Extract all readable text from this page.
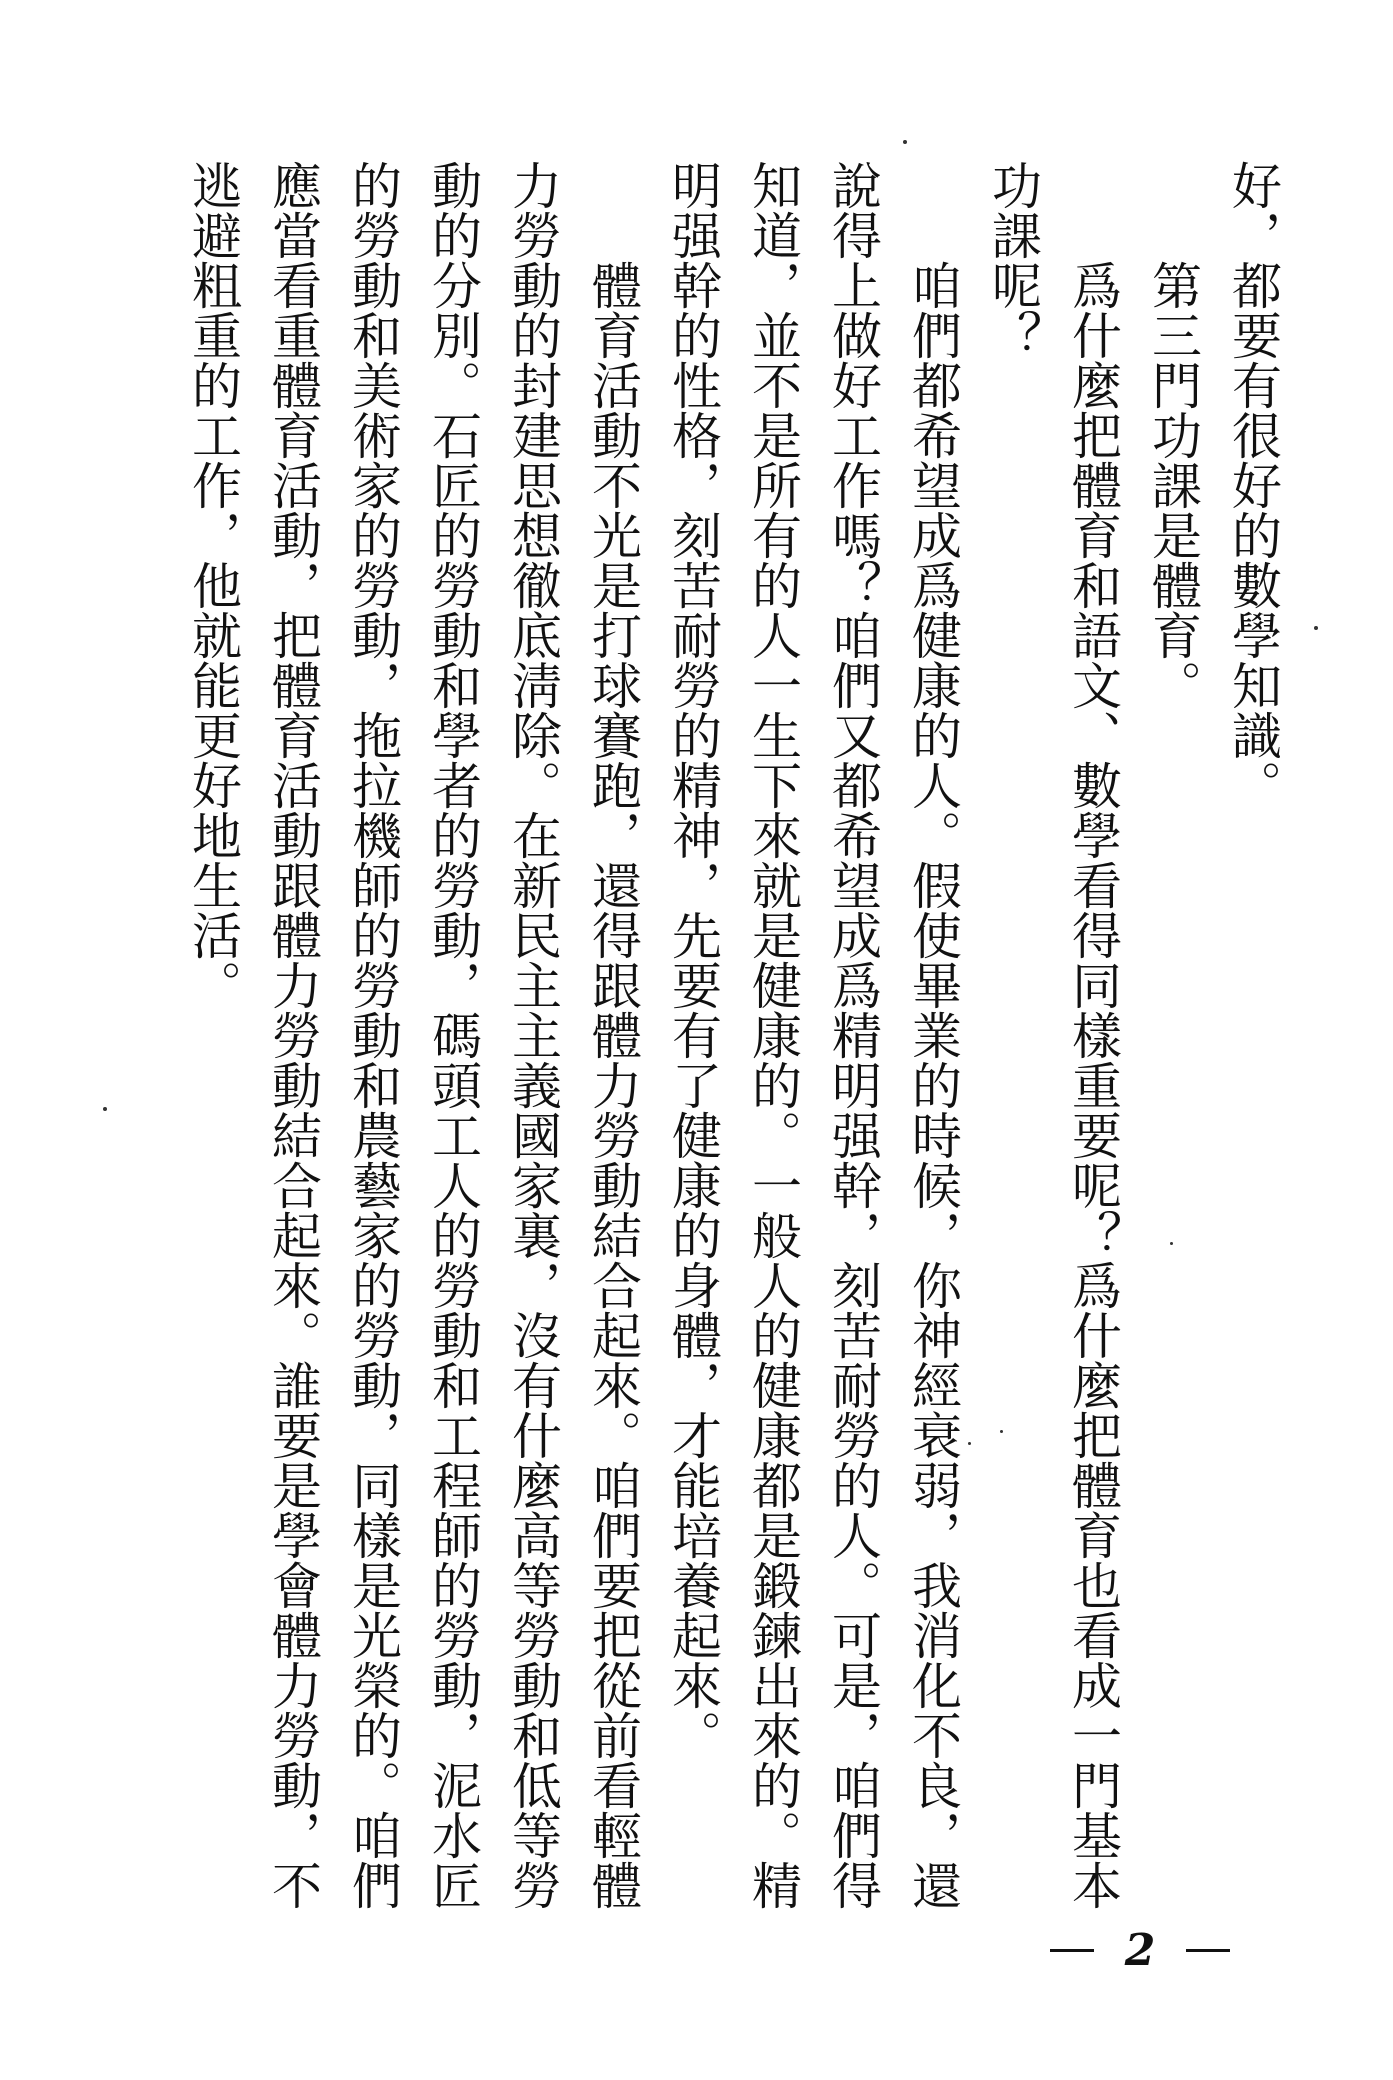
好，都要有很好的數學知識。

第三門功課是體育。

爲什麼把體育和語文、數學看得同樣重要呢？爲什麼把體育也看成一門基本功課呢？

咱們都希望成爲健康的人。假使畢業的時候，你神經衰弱，我消化不良，還說得上做好工作嗎？咱們又都希望成爲精明强幹，刻苦耐勞的人。可是，咱們得知道，並不是所有的人一生下來就是健康的。一般人的健康都是鍛鍊出來的。精明强幹的性格，刻苦耐勞的精神，先要有了健康的身體，才能培養起來。

體育活動不光是打球賽跑，還得跟體力勞動結合起來。咱們要把從前看輕體力勞動的封建思想徹底淸除。在新民主主義國家裏，沒有什麼高等勞動和低等勞動的分別。石匠的勞動和學者的勞動，碼頭工人的勞動和工程師的勞動，泥水匠的勞動和美術家的勞動，拖拉機師的勞動和農藝家的勞動，同樣是光榮的。咱們應當看重體育活動，把體育活動跟體力勞動結合起來。誰要是學會體力勞動，不逃避粗重的工作，他就能更好地生活。

2
